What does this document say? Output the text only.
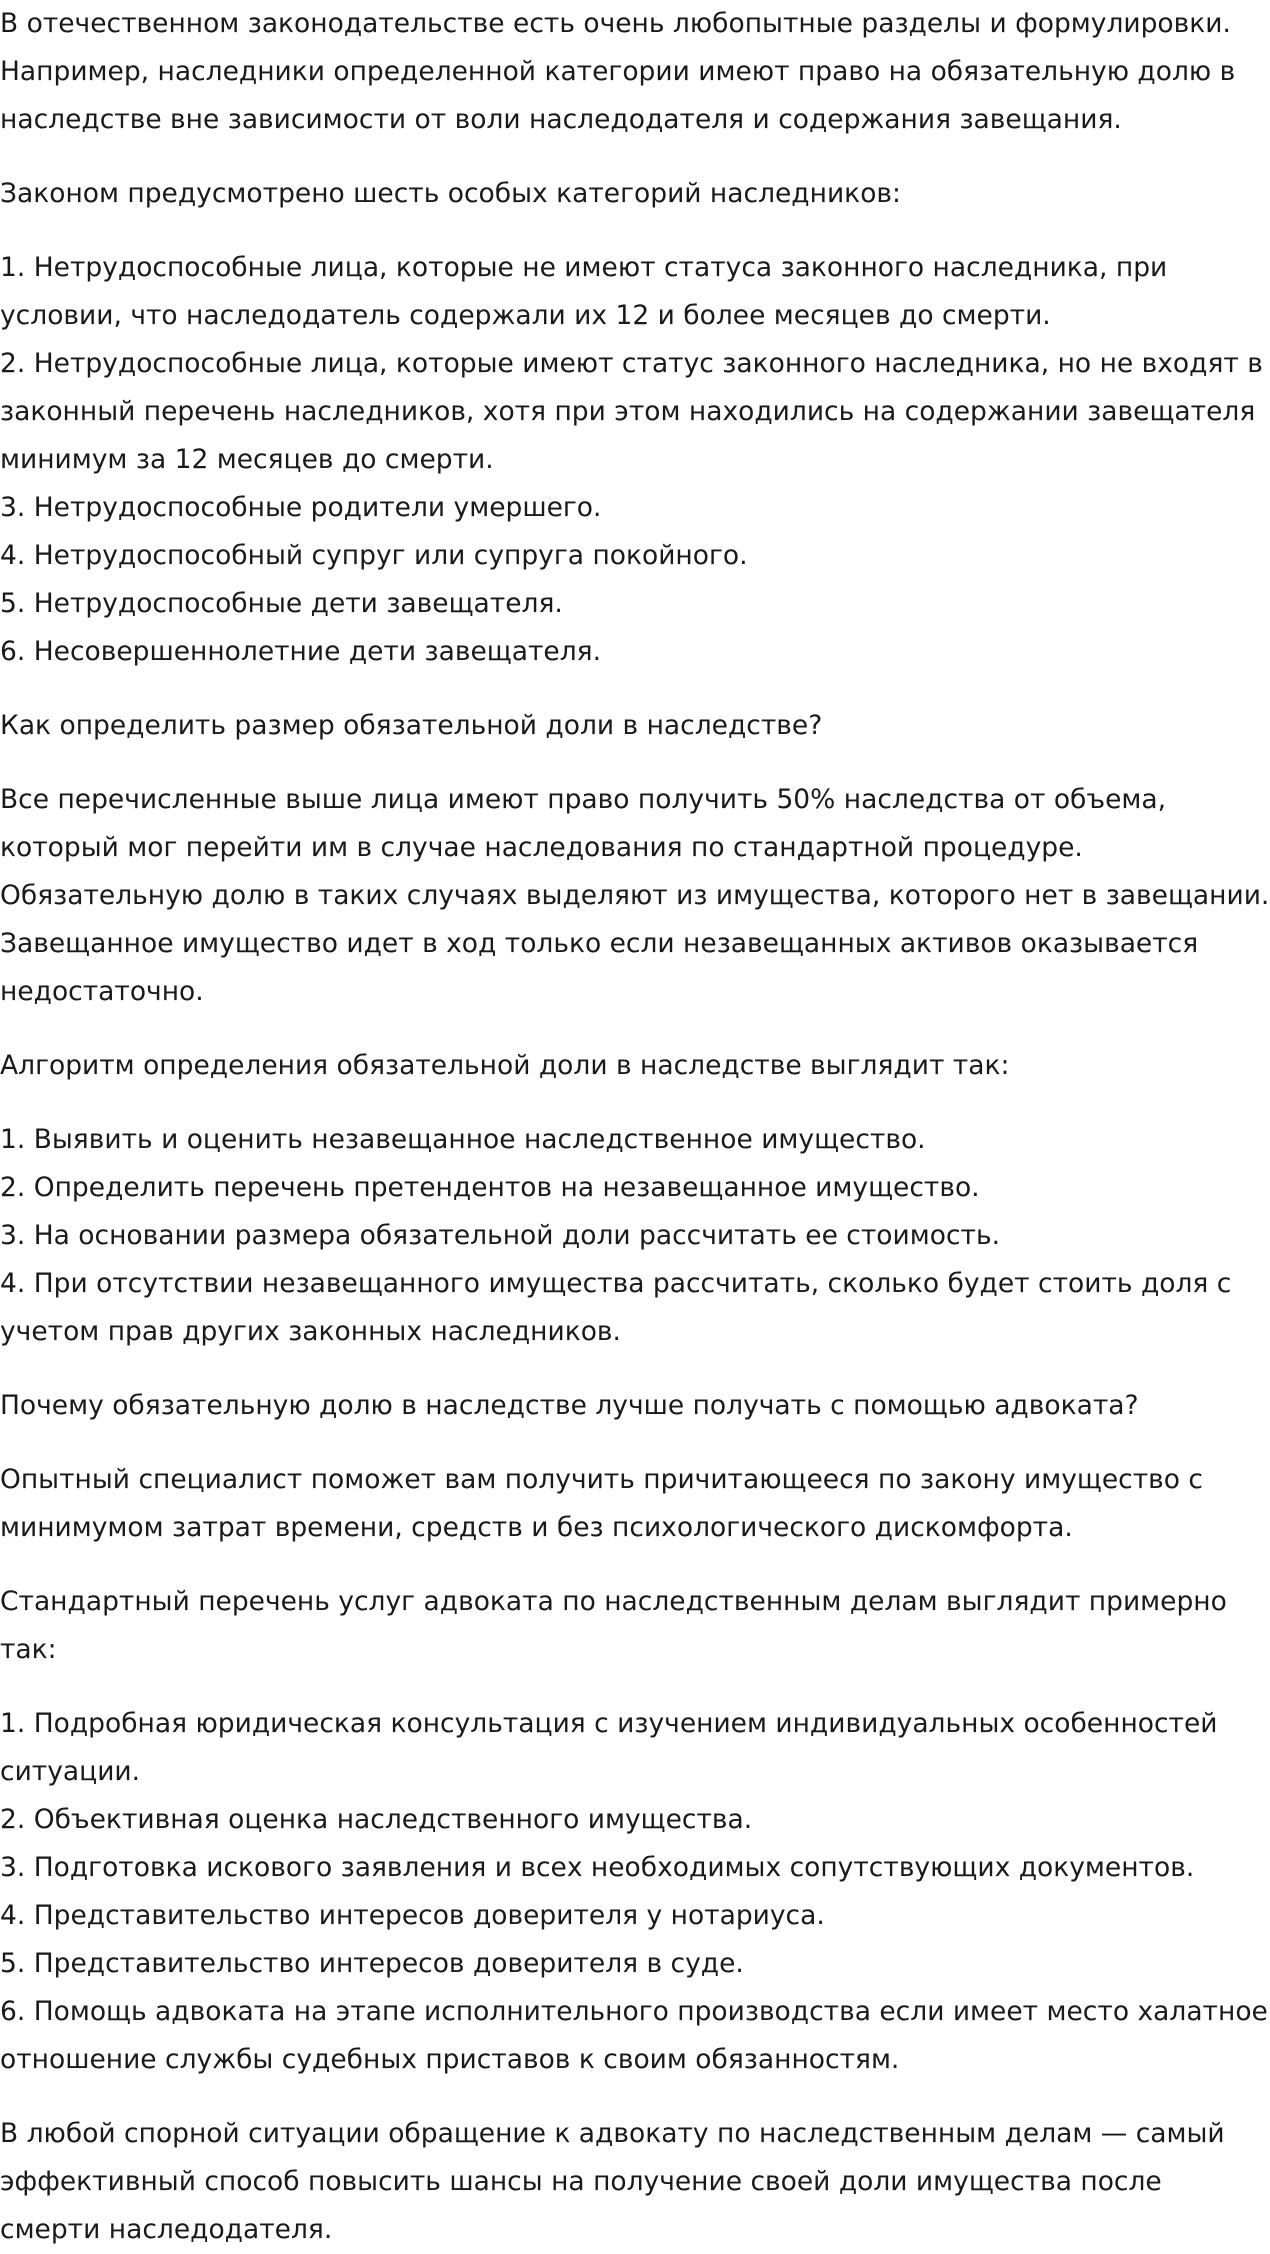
В отечественном законодательстве есть очень любопытные разделы и формулировки. Например, наследники определенной категории имеют право на обязательную долю в наследстве вне зависимости от воли наследодателя и содержания завещания.

Законом предусмотрено шесть особых категорий наследников:

1. Нетрудоспособные лица, которые не имеют статуса законного наследника, при условии, что наследодатель содержали их 12 и более месяцев до смерти.
2. Нетрудоспособные лица, которые имеют статус законного наследника, но не входят в законный перечень наследников, хотя при этом находились на содержании завещателя минимум за 12 месяцев до смерти.
3. Нетрудоспособные родители умершего.
4. Нетрудоспособный супруг или супруга покойного.
5. Нетрудоспособные дети завещателя.
6. Несовершеннолетние дети завещателя.

Как определить размер обязательной доли в наследстве?

Все перечисленные выше лица имеют право получить 50% наследства от объема, который мог перейти им в случае наследования по стандартной процедуре. Обязательную долю в таких случаях выделяют из имущества, которого нет в завещании. Завещанное имущество идет в ход только если незавещанных активов оказывается недостаточно.

Алгоритм определения обязательной доли в наследстве выглядит так:

1. Выявить и оценить незавещанное наследственное имущество.
2. Определить перечень претендентов на незавещанное имущество.
3. На основании размера обязательной доли рассчитать ее стоимость.
4. При отсутствии незавещанного имущества рассчитать, сколько будет стоить доля с учетом прав других законных наследников.

Почему обязательную долю в наследстве лучше получать с помощью адвоката?

Опытный специалист поможет вам получить причитающееся по закону имущество с минимумом затрат времени, средств и без психологического дискомфорта.

Стандартный перечень услуг адвоката по наследственным делам выглядит примерно так:

1. Подробная юридическая консультация с изучением индивидуальных особенностей ситуации.
2. Объективная оценка наследственного имущества.
3. Подготовка искового заявления и всех необходимых сопутствующих документов.
4. Представительство интересов доверителя у нотариуса.
5. Представительство интересов доверителя в суде.
6. Помощь адвоката на этапе исполнительного производства если имеет место халатное отношение службы судебных приставов к своим обязанностям.

В любой спорной ситуации обращение к адвокату по наследственным делам — самый эффективный способ повысить шансы на получение своей доли имущества после смерти наследодателя.
